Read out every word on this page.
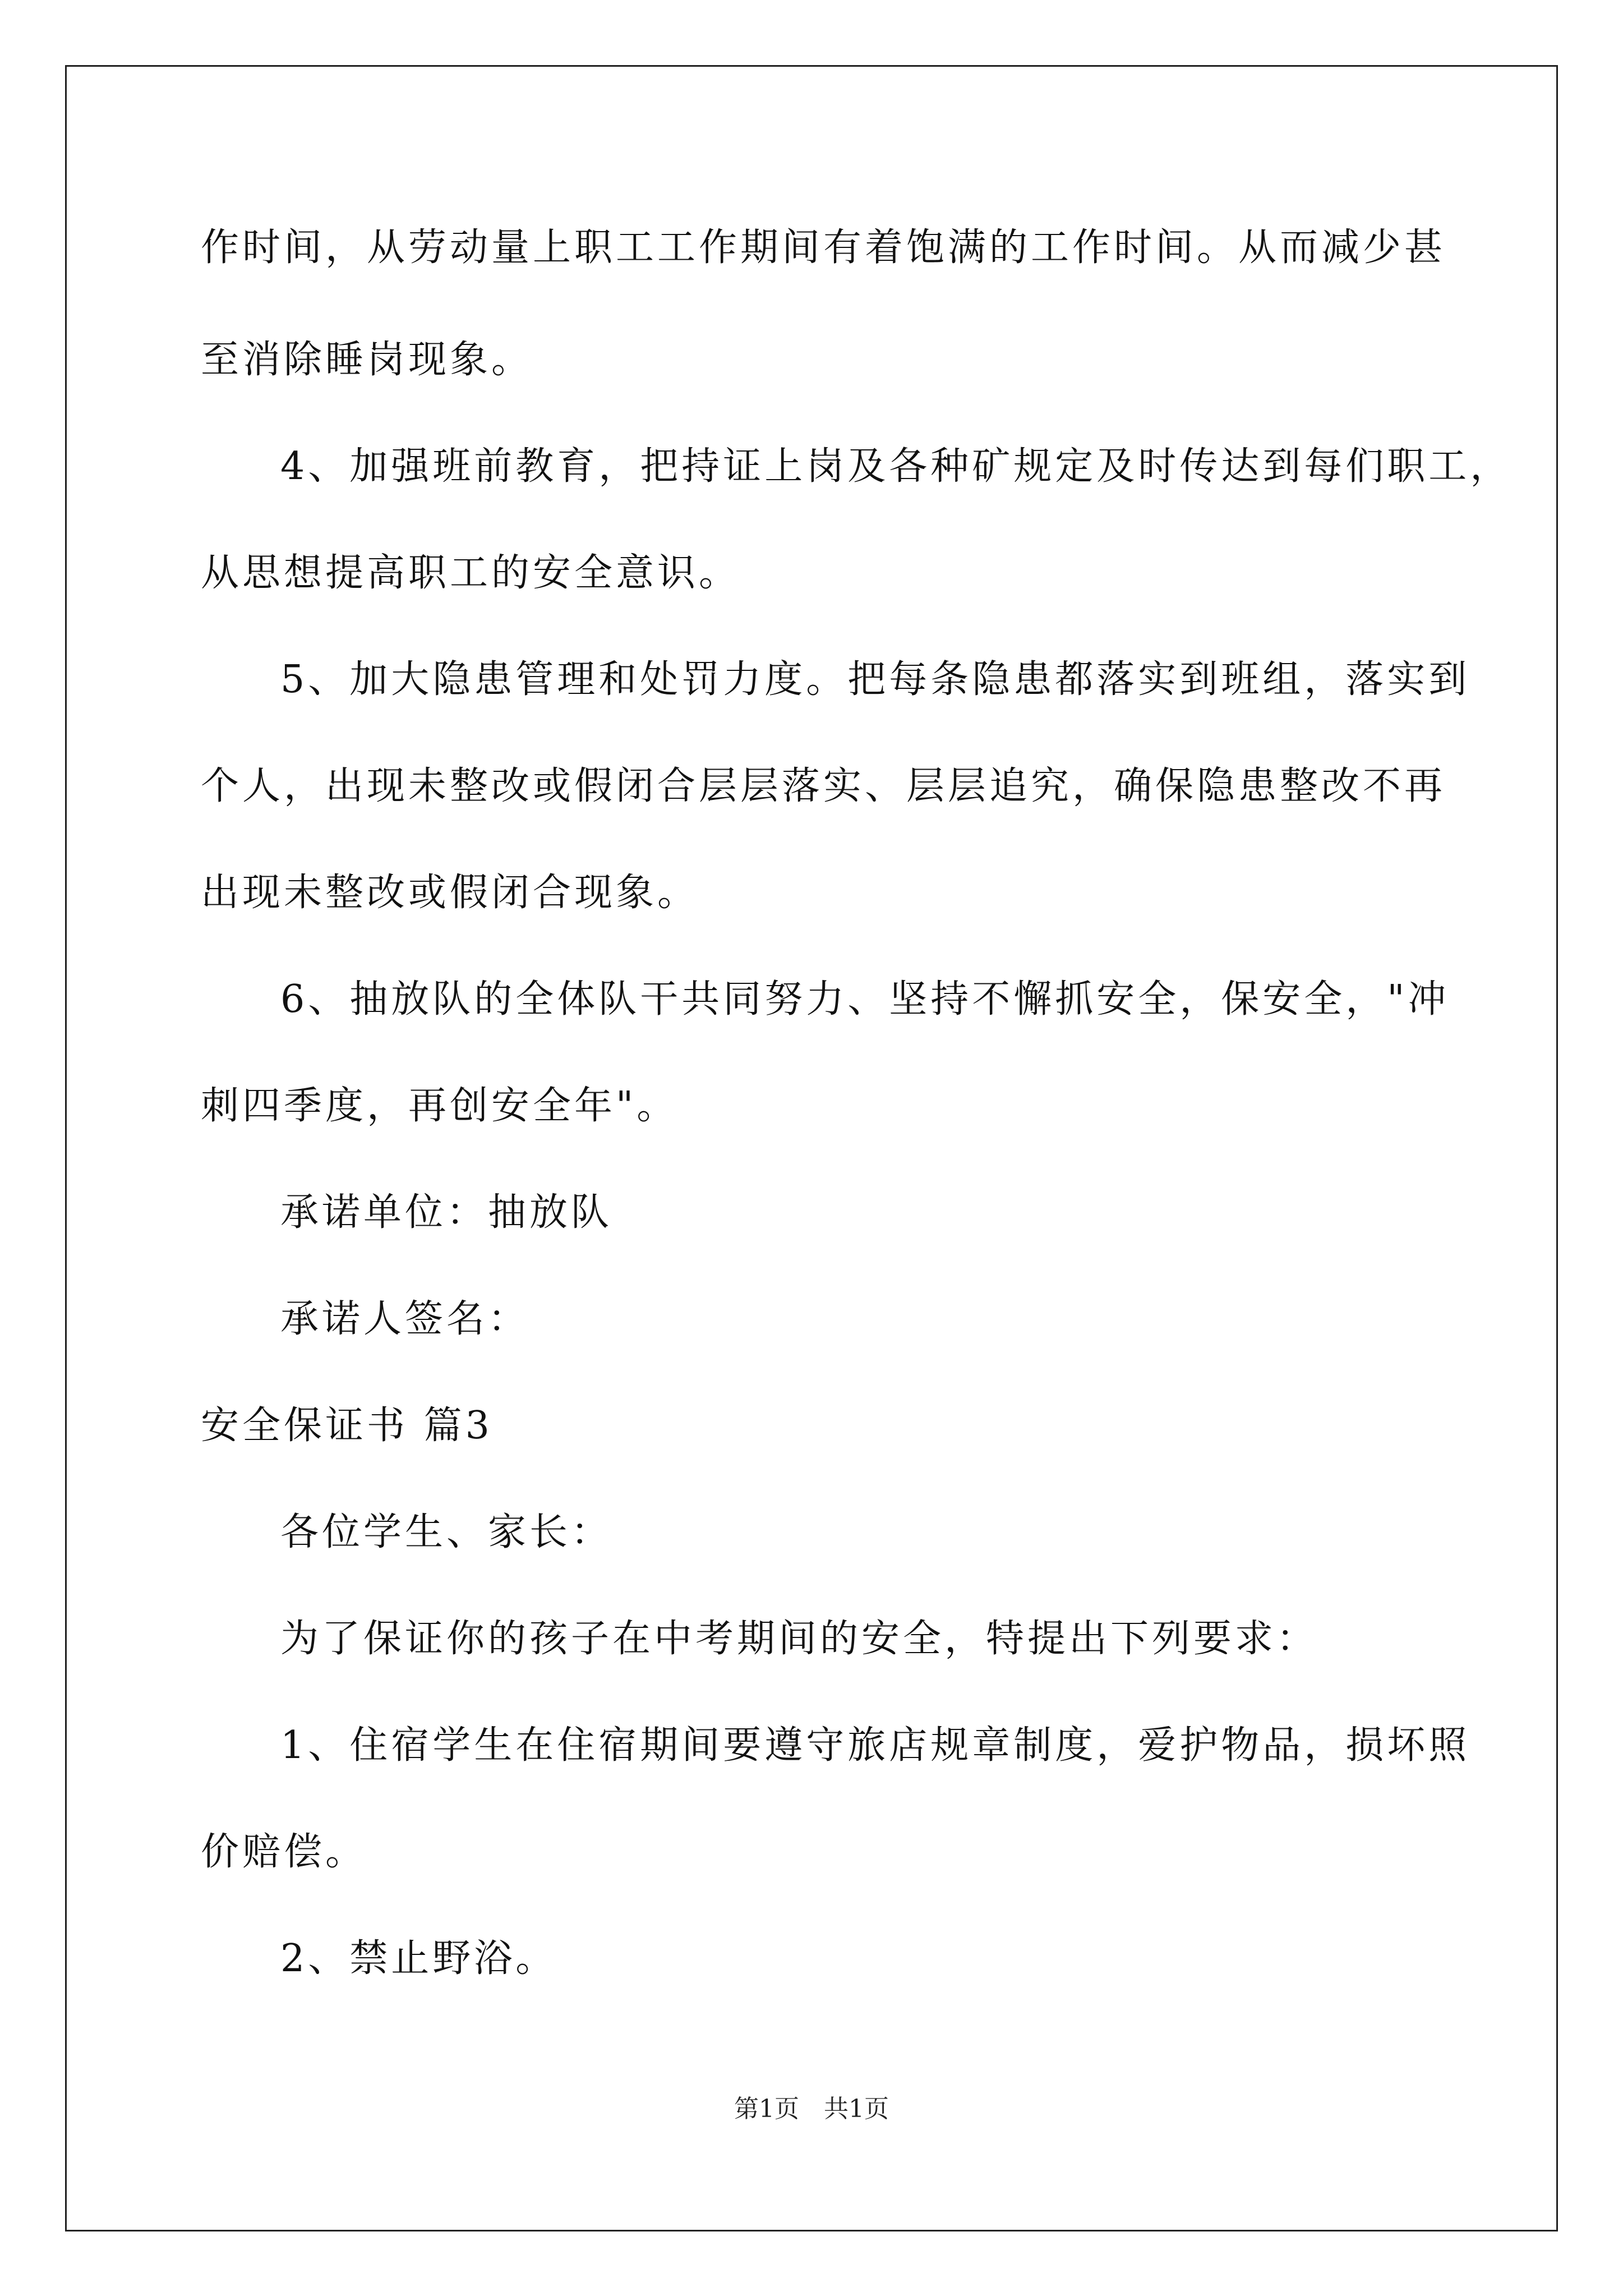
作时间，从劳动量上职工工作期间有着饱满的工作时间。从而减少甚
至消除睡岗现象。
4、加强班前教育，把持证上岗及各种矿规定及时传达到每们职工，
从思想提高职工的安全意识。
5、加大隐患管理和处罚力度。把每条隐患都落实到班组，落实到
个人，出现未整改或假闭合层层落实、层层追究，确保隐患整改不再
出现未整改或假闭合现象。
6、抽放队的全体队干共同努力、坚持不懈抓安全，保安全，"冲
刺四季度，再创安全年"。
承诺单位：抽放队
承诺人签名：
安全保证书 篇3
各位学生、家长：
为了保证你的孩子在中考期间的安全，特提出下列要求：
1、住宿学生在住宿期间要遵守旅店规章制度，爱护物品，损坏照
价赔偿。
2、禁止野浴。
第1页　共1页
